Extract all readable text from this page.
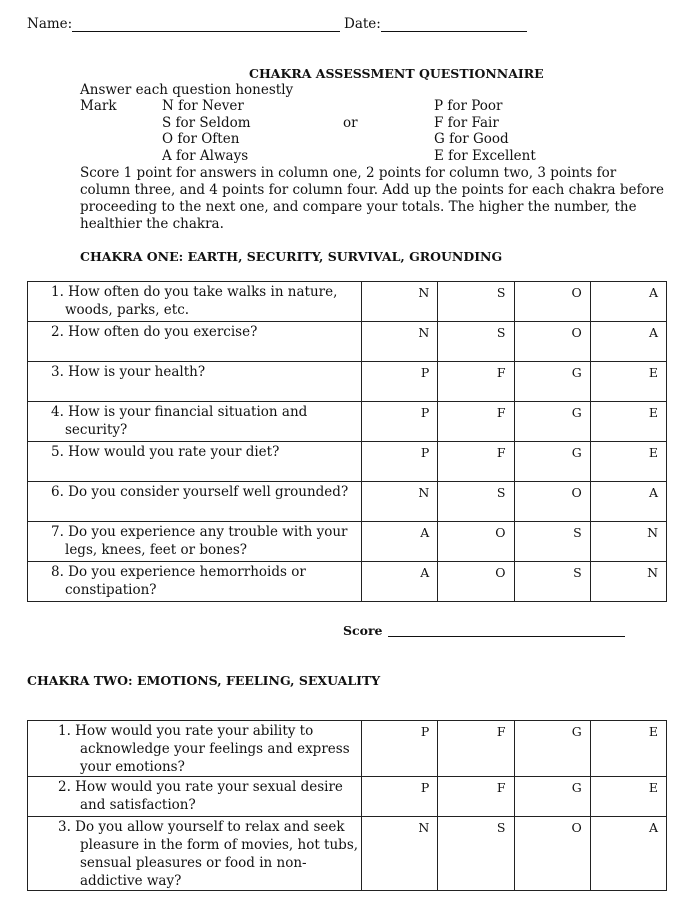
Name:	Date:
CHAKRA ASSESSMENT QUESTIONNAIRE
Answer each question honestly
Mark
or
N for Never
S for Seldom
O for Often
A for Always
P for Poor
F for Fair
G for Good
E for Excellent
Score 1 point for answers in column one, 2 points for column two, 3 points for column three, and 4 points for column four. Add up the points for each chakra before proceeding to the next one, and compare your totals. The higher the number, the healthier the chakra.
CHAKRA ONE: EARTH, SECURITY, SURVIVAL, GROUNDING
1. How often do you take walks in nature, woods, parks, etc.	N	S	O	A

2. How often do you exercise?	N	S	O	A

3. How is your health?	P	F	G	E

4. How is your financial situation and security?	P	F	G	E

5. How would you rate your diet?	P	F	G	E

6. Do you consider yourself well grounded?	N	S	O	A

7. Do you experience any trouble with your legs, knees, feet or bones?	A	O	S	N

8. Do you experience hemorrhoids or constipation?	A	O	S	N
Score
CHAKRA TWO: EMOTIONS, FEELING, SEXUALITY
1. How would you rate your ability to acknowledge your feelings and express your emotions?	P	F	G	E

2. How would you rate your sexual desire and satisfaction?	P	F	G	E

3. Do you allow yourself to relax and seek pleasure in the form of movies, hot tubs, sensual pleasures or food in non-addictive way?	N	S	O	A
